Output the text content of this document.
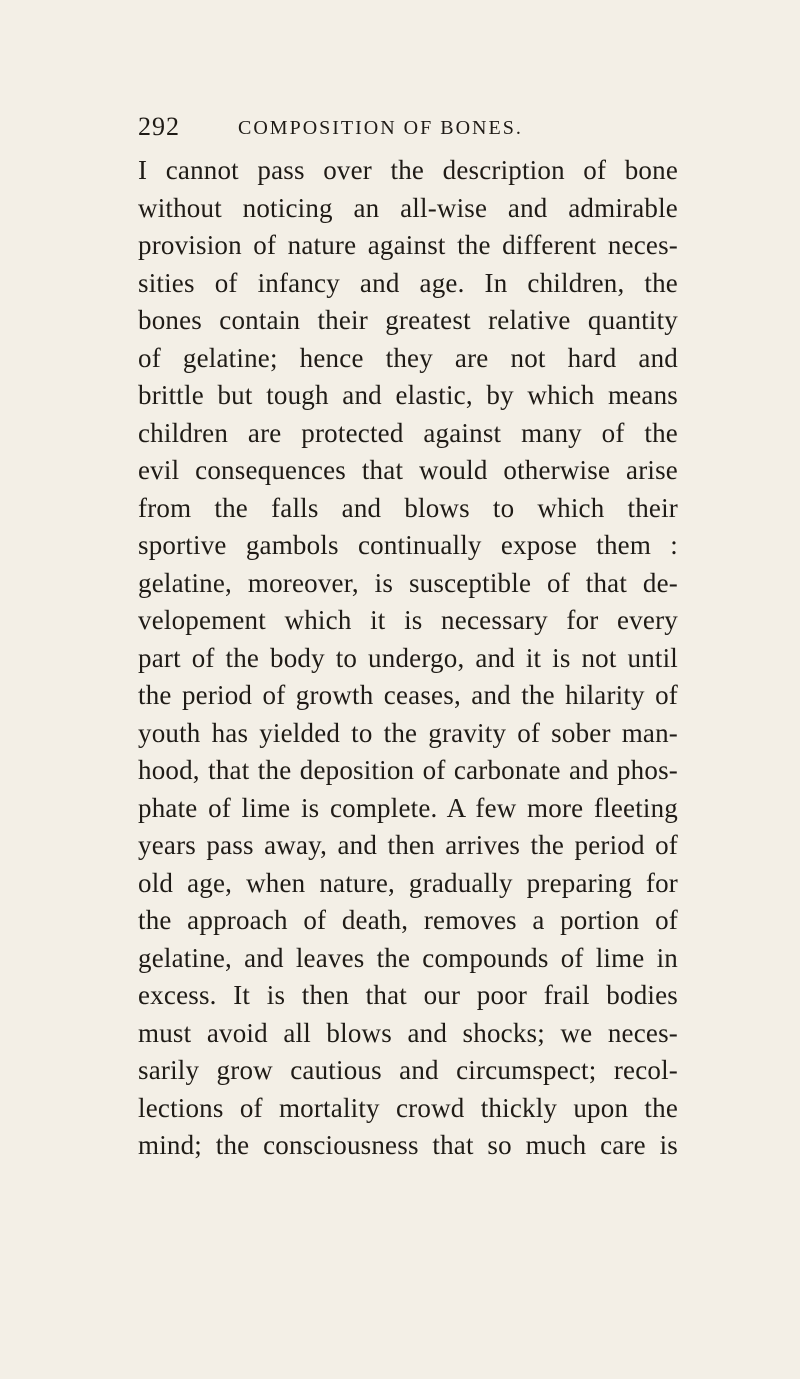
292	COMPOSITION OF BONES.
I cannot pass over the description of bone
without noticing an all-wise and admirable
provision of nature against the different neces-
sities of infancy and age. In children, the
bones contain their greatest relative quantity
of gelatine; hence they are not hard and
brittle but tough and elastic, by which means
children are protected against many of the
evil consequences that would otherwise arise
from the falls and blows to which their
sportive gambols continually expose them :
gelatine, moreover, is susceptible of that de-
velopement which it is necessary for every
part of the body to undergo, and it is not until
the period of growth ceases, and the hilarity of
youth has yielded to the gravity of sober man-
hood, that the deposition of carbonate and phos-
phate of lime is complete. A few more fleeting
years pass away, and then arrives the period of
old age, when nature, gradually preparing for
the approach of death, removes a portion of
gelatine, and leaves the compounds of lime in
excess. It is then that our poor frail bodies
must avoid all blows and shocks; we neces-
sarily grow cautious and circumspect; recol-
lections of mortality crowd thickly upon the
mind; the consciousness that so much care is
